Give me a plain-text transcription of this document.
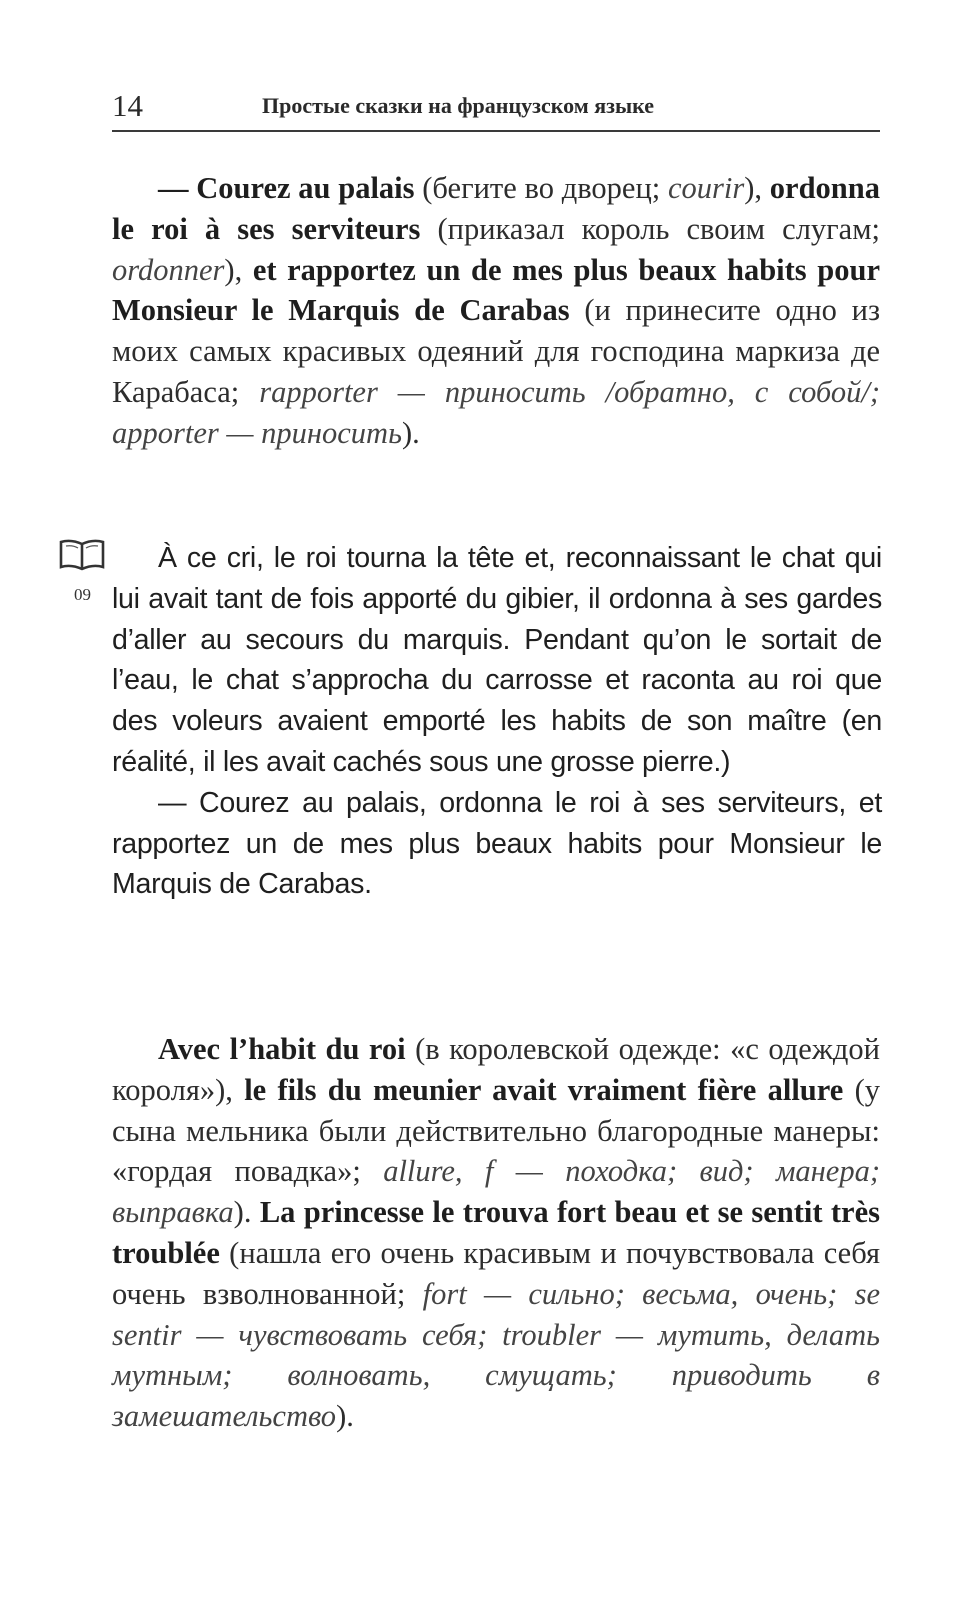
14	Простые сказки на французском языке
— Courez au palais (бегите во дворец; courir), ordonna le roi à ses serviteurs (приказал король своим слугам; ordonner), et rapportez un de mes plus beaux habits pour Monsieur le Marquis de Carabas (и принесите одно из моих самых красивых одеяний для господина маркиза де Карабаса; rapporter — приносить /обратно, с собой/; apporter — приносить).
09

À ce cri, le roi tourna la tête et, reconnaissant le chat qui lui avait tant de fois apporté du gibier, il ordonna à ses gardes d’aller au secours du marquis. Pendant qu’on le sortait de l’eau, le chat s’approcha du carrosse et raconta au roi que des voleurs avaient emporté les habits de son maître (en réalité, il les avait cachés sous une grosse pierre.)

— Courez au palais, ordonna le roi à ses serviteurs, et rapportez un de mes plus beaux habits pour Monsieur le Marquis de Carabas.

Avec l’habit du roi (в королевской одежде: «с одеждой короля»), le fils du meunier avait vraiment fière allure (у сына мельника были действительно благородные манеры: «гордая повадка»; allure, f — походка; вид; манера; выправка). La princesse le trouva fort beau et se sentit très troublée (нашла его очень красивым и почувствовала себя очень взволнованной; fort — сильно; весьма, очень; se sentir — чувствовать себя; troubler — мутить, делать мутным; волновать, смущать; приводить в замешательство).
